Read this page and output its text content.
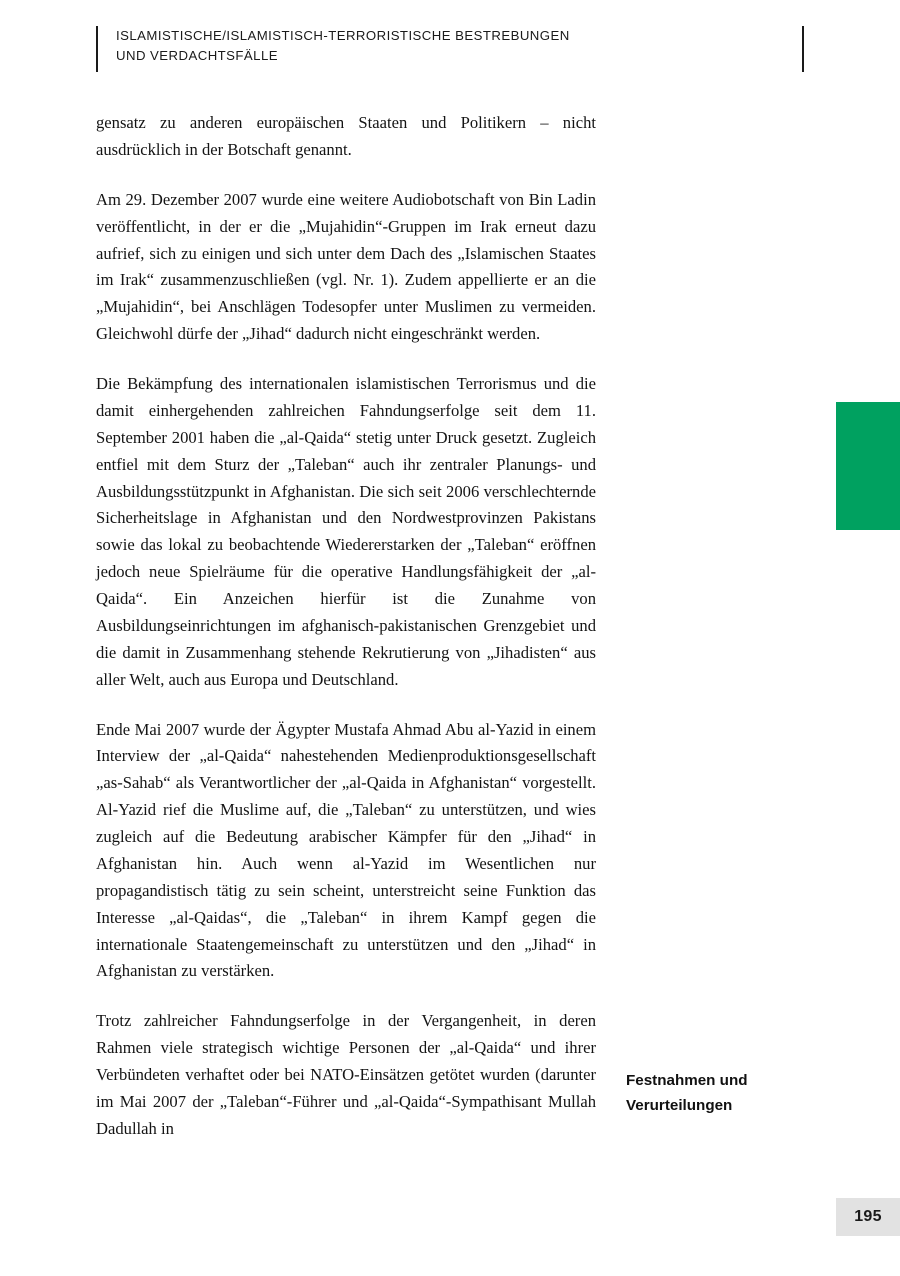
ISLAMISTISCHE/ISLAMISTISCH-TERRORISTISCHE BESTREBUNGEN
UND VERDACHTSFÄLLE

gensatz zu anderen europäischen Staaten und Politikern – nicht ausdrücklich in der Botschaft genannt.

Am 29. Dezember 2007 wurde eine weitere Audiobotschaft von Bin Ladin veröffentlicht, in der er die „Mujahidin“-Gruppen im Irak erneut dazu aufrief, sich zu einigen und sich unter dem Dach des „Islamischen Staates im Irak“ zusammenzuschließen (vgl. Nr. 1). Zudem appellierte er an die „Mujahidin“, bei Anschlägen Todesopfer unter Muslimen zu vermeiden. Gleichwohl dürfe der „Jihad“ dadurch nicht eingeschränkt werden.

Die Bekämpfung des internationalen islamistischen Terrorismus und die damit einhergehenden zahlreichen Fahndungserfolge seit dem 11. September 2001 haben die „al-Qaida“ stetig unter Druck gesetzt. Zugleich entfiel mit dem Sturz der „Taleban“ auch ihr zentraler Planungs- und Ausbildungsstützpunkt in Afghanistan. Die sich seit 2006 verschlechternde Sicherheitslage in Afghanistan und den Nordwestprovinzen Pakistans sowie das lokal zu beobachtende Wiedererstarken der „Taleban“ eröffnen jedoch neue Spielräume für die operative Handlungsfähigkeit der „al-Qaida“. Ein Anzeichen hierfür ist die Zunahme von Ausbildungseinrichtungen im afghanisch-pakistanischen Grenzgebiet und die damit in Zusammenhang stehende Rekrutierung von „Jihadisten“ aus aller Welt, auch aus Europa und Deutschland.

Ende Mai 2007 wurde der Ägypter Mustafa Ahmad Abu al-Yazid in einem Interview der „al-Qaida“ nahestehenden Medienproduktionsgesellschaft „as-Sahab“ als Verantwortlicher der „al-Qaida in Afghanistan“ vorgestellt. Al-Yazid rief die Muslime auf, die „Taleban“ zu unterstützen, und wies zugleich auf die Bedeutung arabischer Kämpfer für den „Jihad“ in Afghanistan hin. Auch wenn al-Yazid im Wesentlichen nur propagandistisch tätig zu sein scheint, unterstreicht seine Funktion das Interesse „al-Qaidas“, die „Taleban“ in ihrem Kampf gegen die internationale Staatengemeinschaft zu unterstützen und den „Jihad“ in Afghanistan zu verstärken.

Trotz zahlreicher Fahndungserfolge in der Vergangenheit, in deren Rahmen viele strategisch wichtige Personen der „al-Qaida“ und ihrer Verbündeten verhaftet oder bei NATO-Einsätzen getötet wurden (darunter im Mai 2007 der „Taleban“-Führer und „al-Qaida“-Sympathisant Mullah Dadullah in

Festnahmen und Verurteilungen
195
